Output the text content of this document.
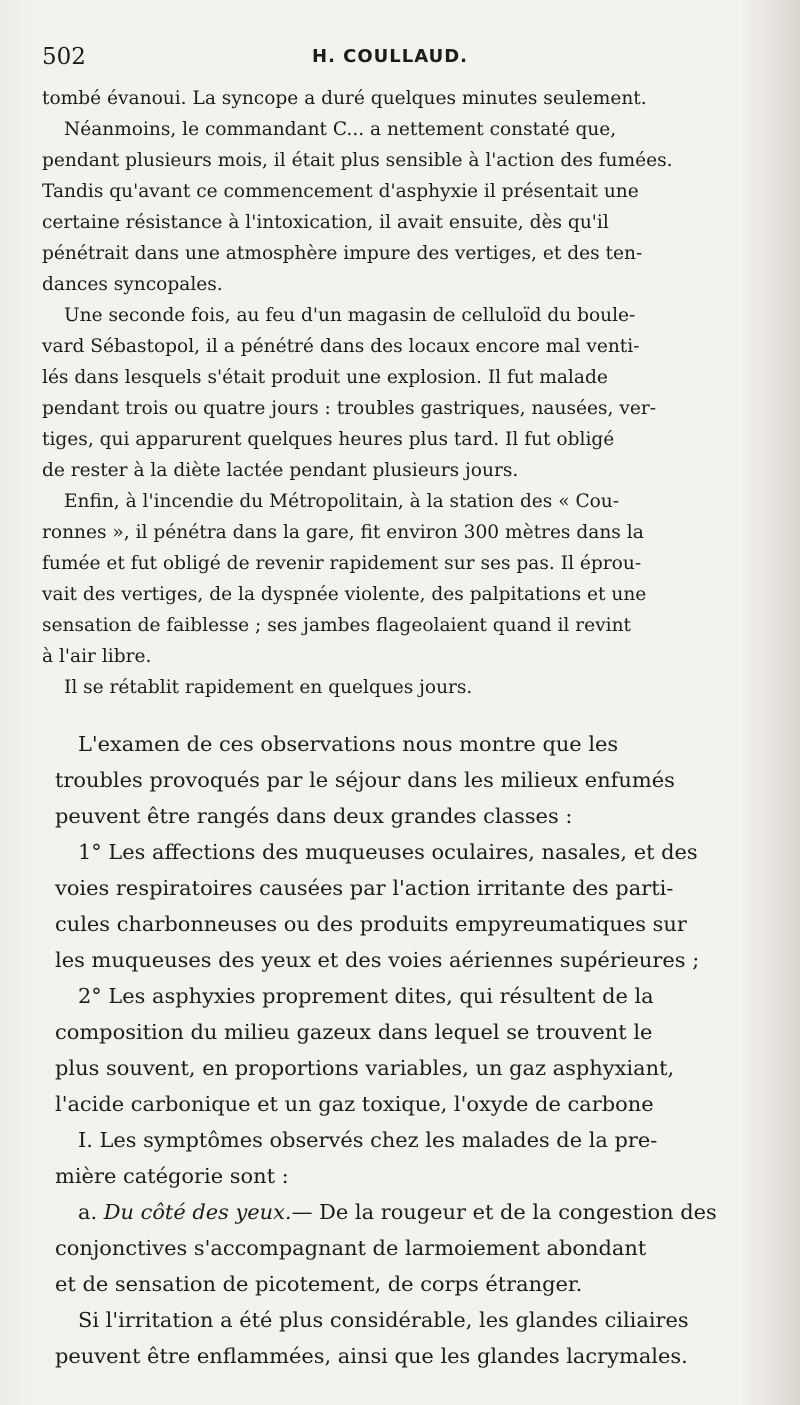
502	H. COULLAUD.
tombé évanoui. La syncope a duré quelques minutes seulement.
Néanmoins, le commandant C... a nettement constaté que,
pendant plusieurs mois, il était plus sensible à l'action des fumées.
Tandis qu'avant ce commencement d'asphyxie il présentait une
certaine résistance à l'intoxication, il avait ensuite, dès qu'il
pénétrait dans une atmosphère impure des vertiges, et des ten-
dances syncopales.
Une seconde fois, au feu d'un magasin de celluloïd du boule-
vard Sébastopol, il a pénétré dans des locaux encore mal venti-
lés dans lesquels s'était produit une explosion. Il fut malade
pendant trois ou quatre jours : troubles gastriques, nausées, ver-
tiges, qui apparurent quelques heures plus tard. Il fut obligé
de rester à la diète lactée pendant plusieurs jours.
Enfin, à l'incendie du Métropolitain, à la station des « Cou-
ronnes », il pénétra dans la gare, fit environ 300 mètres dans la
fumée et fut obligé de revenir rapidement sur ses pas. Il éprou-
vait des vertiges, de la dyspnée violente, des palpitations et une
sensation de faiblesse ; ses jambes flageolaient quand il revint
à l'air libre.
Il se rétablit rapidement en quelques jours.
L'examen de ces observations nous montre que les
troubles provoqués par le séjour dans les milieux enfumés
peuvent être rangés dans deux grandes classes :
1° Les affections des muqueuses oculaires, nasales, et des
voies respiratoires causées par l'action irritante des parti-
cules charbonneuses ou des produits empyreumatiques sur
les muqueuses des yeux et des voies aériennes supérieures ;
2° Les asphyxies proprement dites, qui résultent de la
composition du milieu gazeux dans lequel se trouvent le
plus souvent, en proportions variables, un gaz asphyxiant,
l'acide carbonique et un gaz toxique, l'oxyde de carbone
I. Les symptômes observés chez les malades de la pre-
mière catégorie sont :
a. Du côté des yeux.— De la rougeur et de la congestion des
conjonctives s'accompagnant de larmoiement abondant
et de sensation de picotement, de corps étranger.
Si l'irritation a été plus considérable, les glandes ciliaires
peuvent être enflammées, ainsi que les glandes lacrymales.
